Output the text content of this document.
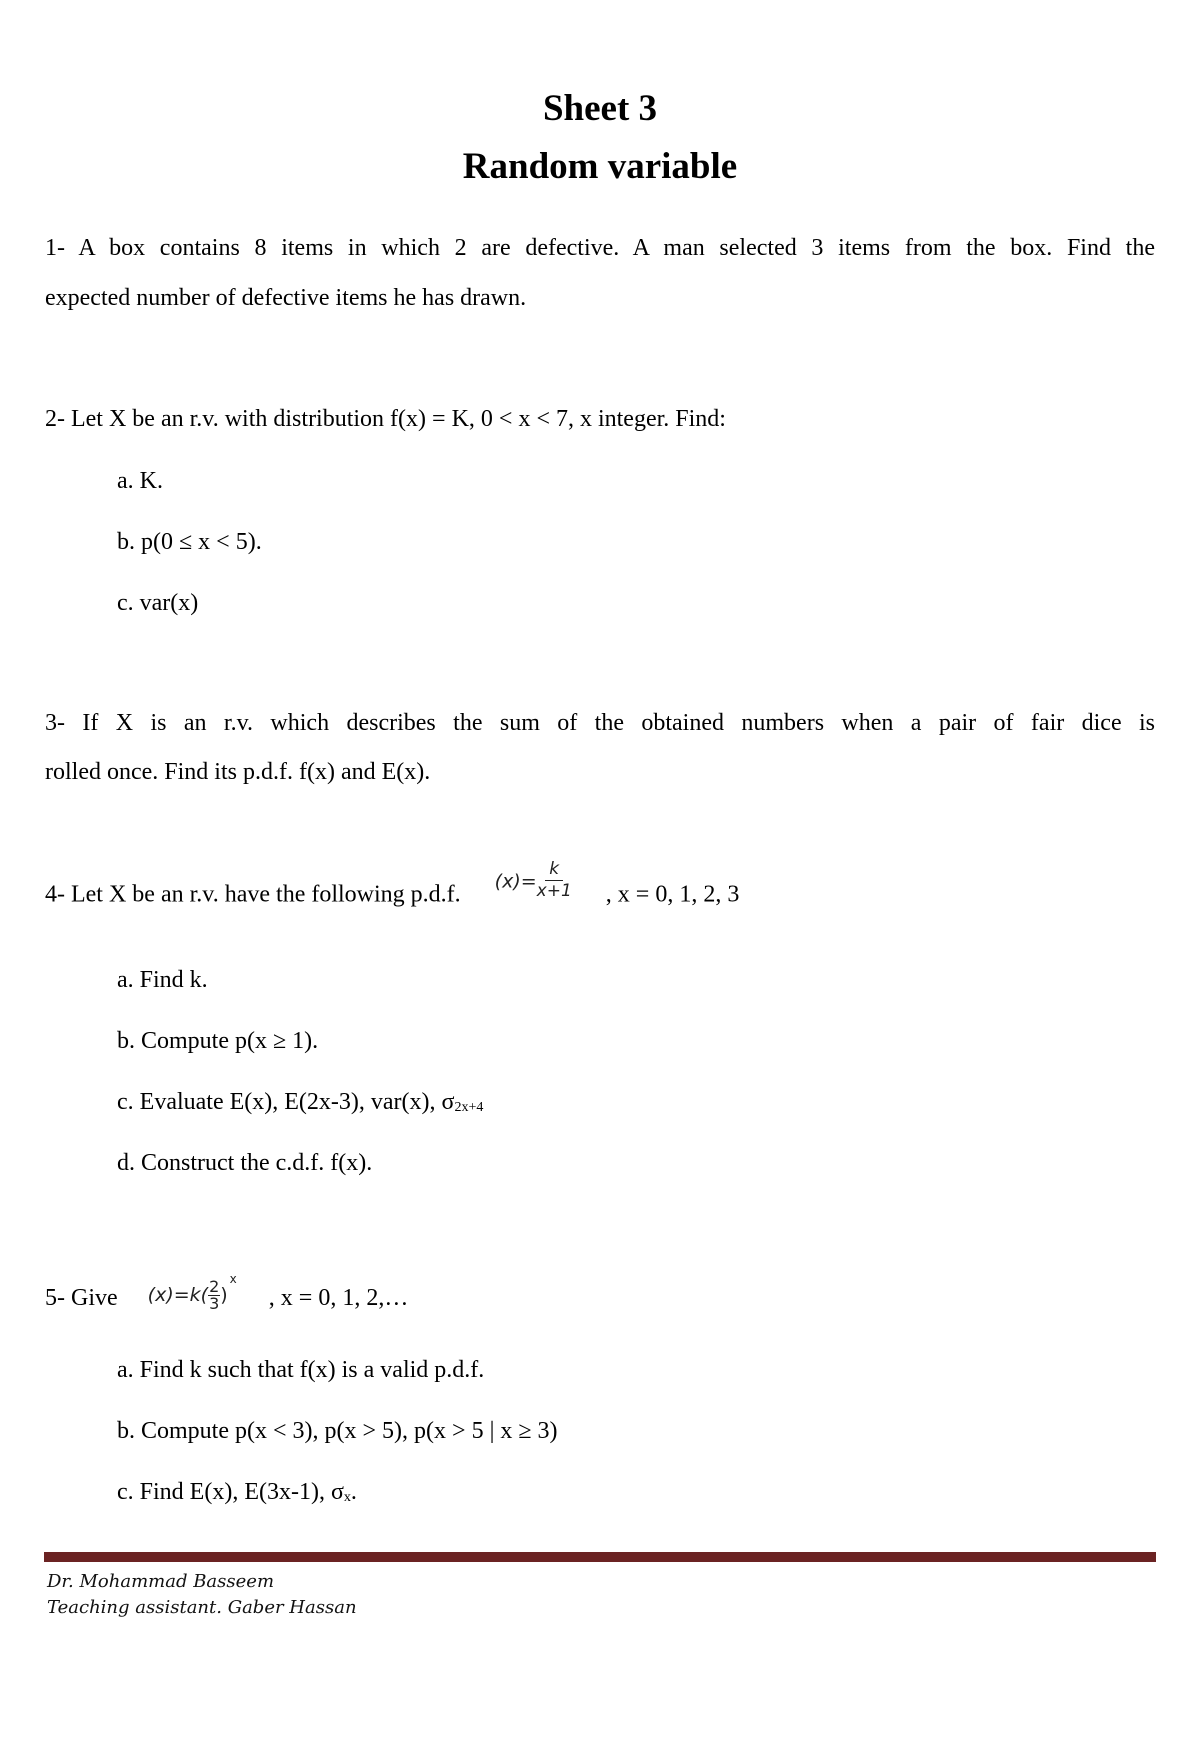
Sheet 3
Random variable
1- A box contains 8 items in which 2 are defective. A man selected 3 items from the box. Find the
expected number of defective items he has drawn.
2- Let X be an r.v. with distribution f(x) = K, 0 < x < 7, x integer. Find:
a. K.
b. p(0 ≤ x < 5).
c. var(x)
3- If X is an r.v. which describes the sum of the obtained numbers when a pair of fair dice is
rolled once. Find its p.d.f. f(x) and E(x).
4- Let X be an r.v. have the following p.d.f.  $(x)= \frac{k}{x+1}$ , x = 0, 1, 2, 3
a. Find k.
b. Compute p(x ≥ 1).
c. Evaluate E(x), E(2x-3), var(x), σ2x+4
d. Construct the c.d.f. f(x).
5- Give $(x)=k( \frac{2}{3} )^x$  , x = 0, 1, 2,…
a. Find k such that f(x) is a valid p.d.f.
b. Compute p(x < 3), p(x > 5), p(x > 5 | x ≥ 3)
c. Find E(x), E(3x-1), σₓ.
Dr. Mohammad Basseem
Teaching assistant. Gaber Hassan
